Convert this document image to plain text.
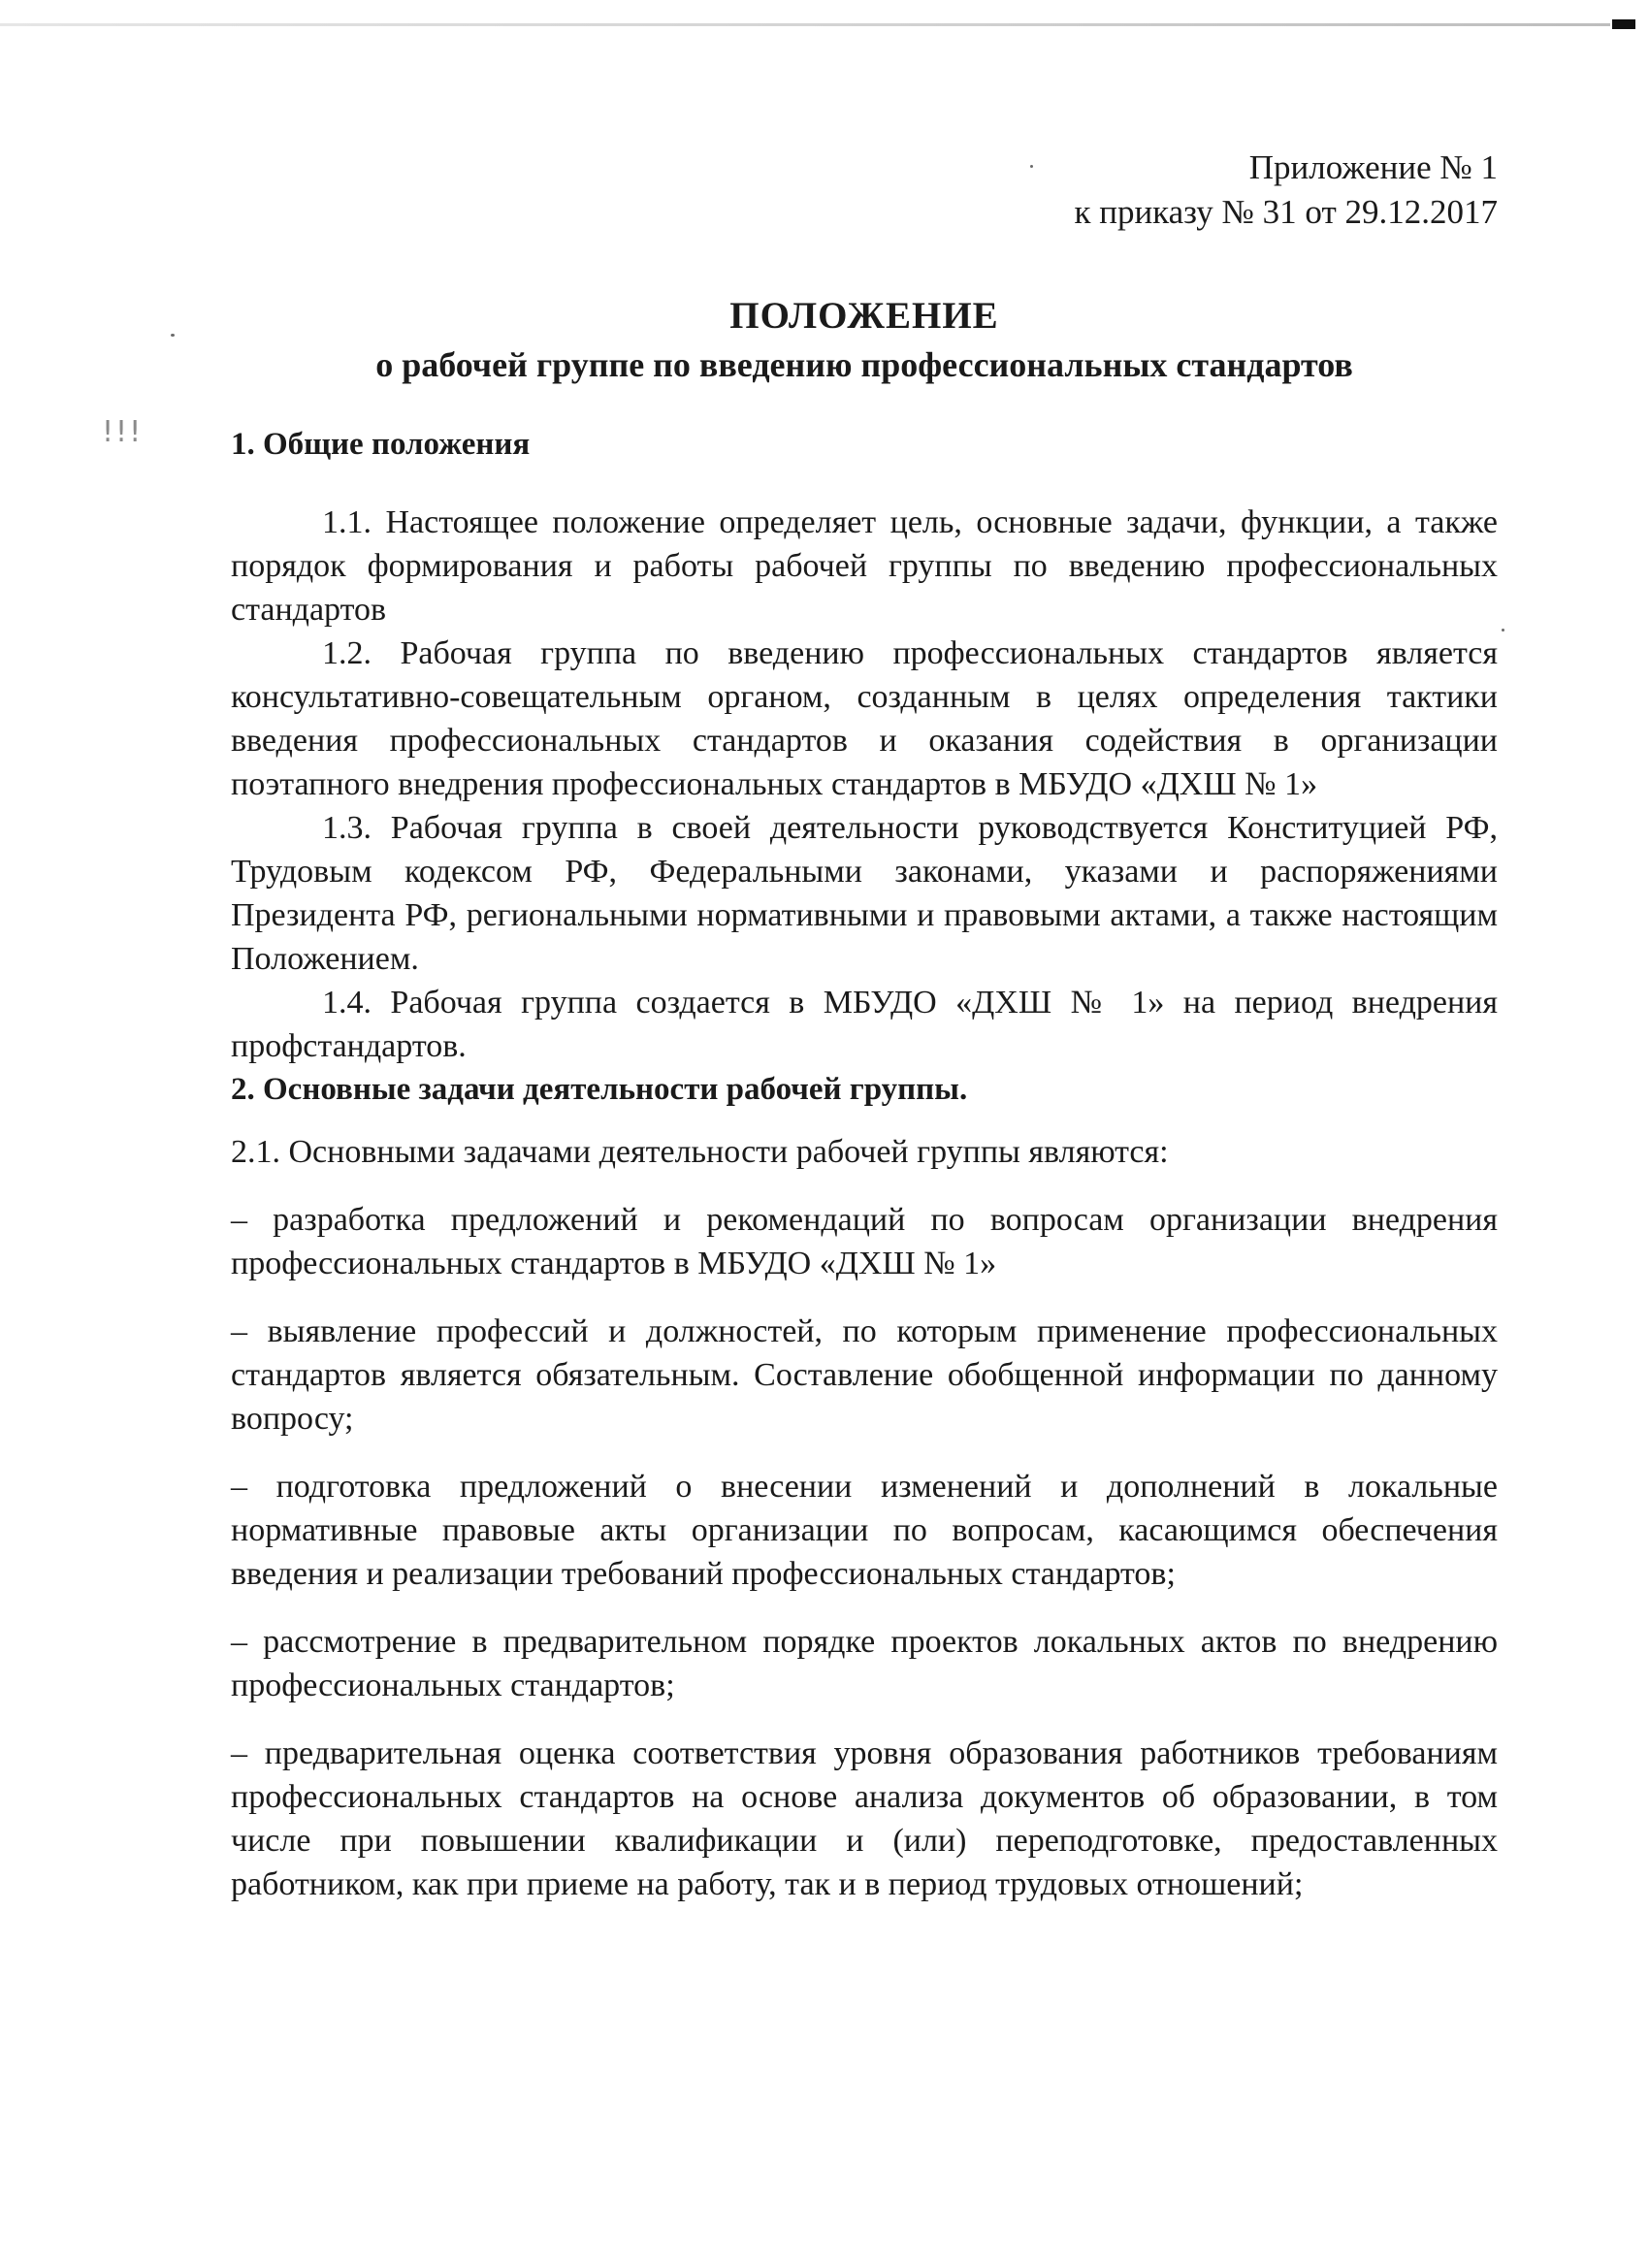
!!!
Приложение № 1
к приказу № 31 от 29.12.2017
ПОЛОЖЕНИЕ
о рабочей группе по введению профессиональных стандартов
1. Общие положения
1.1. Настоящее положение определяет цель, основные задачи, функции, а также порядок формирования и работы рабочей группы по введению профессиональных стандартов
1.2. Рабочая группа по введению профессиональных стандартов является консультативно-совещательным органом, созданным в целях определения тактики введения профессиональных стандартов и оказания содействия в организации поэтапного внедрения профессиональных стандартов в МБУДО «ДХШ № 1»
1.3. Рабочая группа в своей деятельности руководствуется Конституцией РФ, Трудовым кодексом РФ, Федеральными законами, указами и распоряжениями Президента РФ, региональными нормативными и правовыми актами, а также настоящим Положением.
1.4. Рабочая группа создается в МБУДО «ДХШ № 1» на период внедрения профстандартов.
2. Основные задачи деятельности рабочей группы.
2.1. Основными задачами деятельности рабочей группы являются:
– разработка предложений и рекомендаций по вопросам организации внедрения профессиональных стандартов в МБУДО «ДХШ № 1»
– выявление профессий и должностей, по которым применение профессиональных стандартов является обязательным. Составление обобщенной информации по данному вопросу;
– подготовка предложений о внесении изменений и дополнений в локальные нормативные правовые акты организации по вопросам, касающимся обеспечения введения и реализации требований профессиональных стандартов;
– рассмотрение в предварительном порядке проектов локальных актов по внедрению профессиональных стандартов;
– предварительная оценка соответствия уровня образования работников требованиям профессиональных стандартов на основе анализа документов об образовании, в том числе при повышении квалификации и (или) переподготовке, предоставленных работником, как при приеме на работу, так и в период трудовых отношений;
